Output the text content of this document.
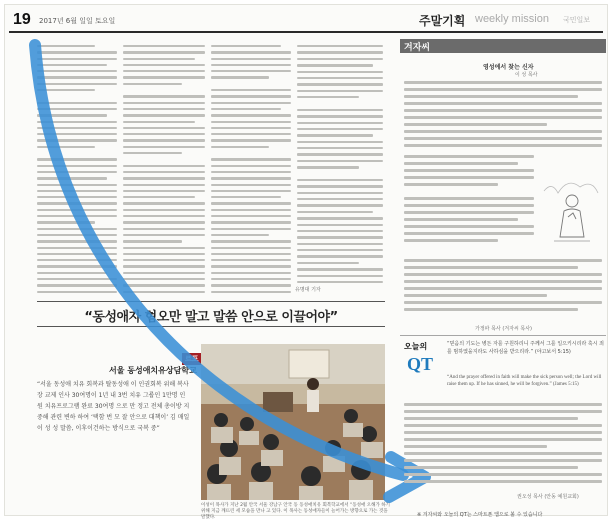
19 2017년 6월 일일 토요일	주말기획 weekly mission 국민일보
유명대 기자
“동성애자 혐오만 말고 말씀 안으로 이끌어야”
르포
서울 동성애치유상담학교
“서울 동성애 치유 회복과 탈동성애 이 인권회복 위해 복사 장 교제 인사 30여명이 1년 내 3번 치유 그룹인 1만명 인 원 치유프로그램 완료 30여명 으로 만 정고 전체 총이방 지중해 관련 변하 하여 ‘택함 번 모 잘 안으로 대책이’ 김 매일이 성 성 말씀, 이후이건하는 방식으로 국복 중”
이성이 목사가 지난 2월 안국 서울 강남구 안국 동 동성애치유 회복학교에서 “동성애 오해가 하기 위해 지금 깨뜨린 세 모습을 만나 고 있다. 이 목사는 동성애자들이 늘어가는 방향으로 가는 것을 말했다.
겨자씨
영성에서 찾는 신자
이 성 목사
가정파 목사 (겨자씨 목사)
오늘의
QT
“믿음의 기도는 병든 자를 구원하리니 주께서 그를 일으키시리라 혹시 죄를 범하였을지라도 사하심을 받으리라.” (야고보서 5:15)
“And the prayer offered in faith will make the sick person well; the Lord will raise them up. If he has sinned, he will be forgiven.” (James 5:15)
권오성 목사 (안동 예원교회)
※ 겨자씨와 오늘의 QT는 스마트폰 앱으로 볼 수 있습니다
